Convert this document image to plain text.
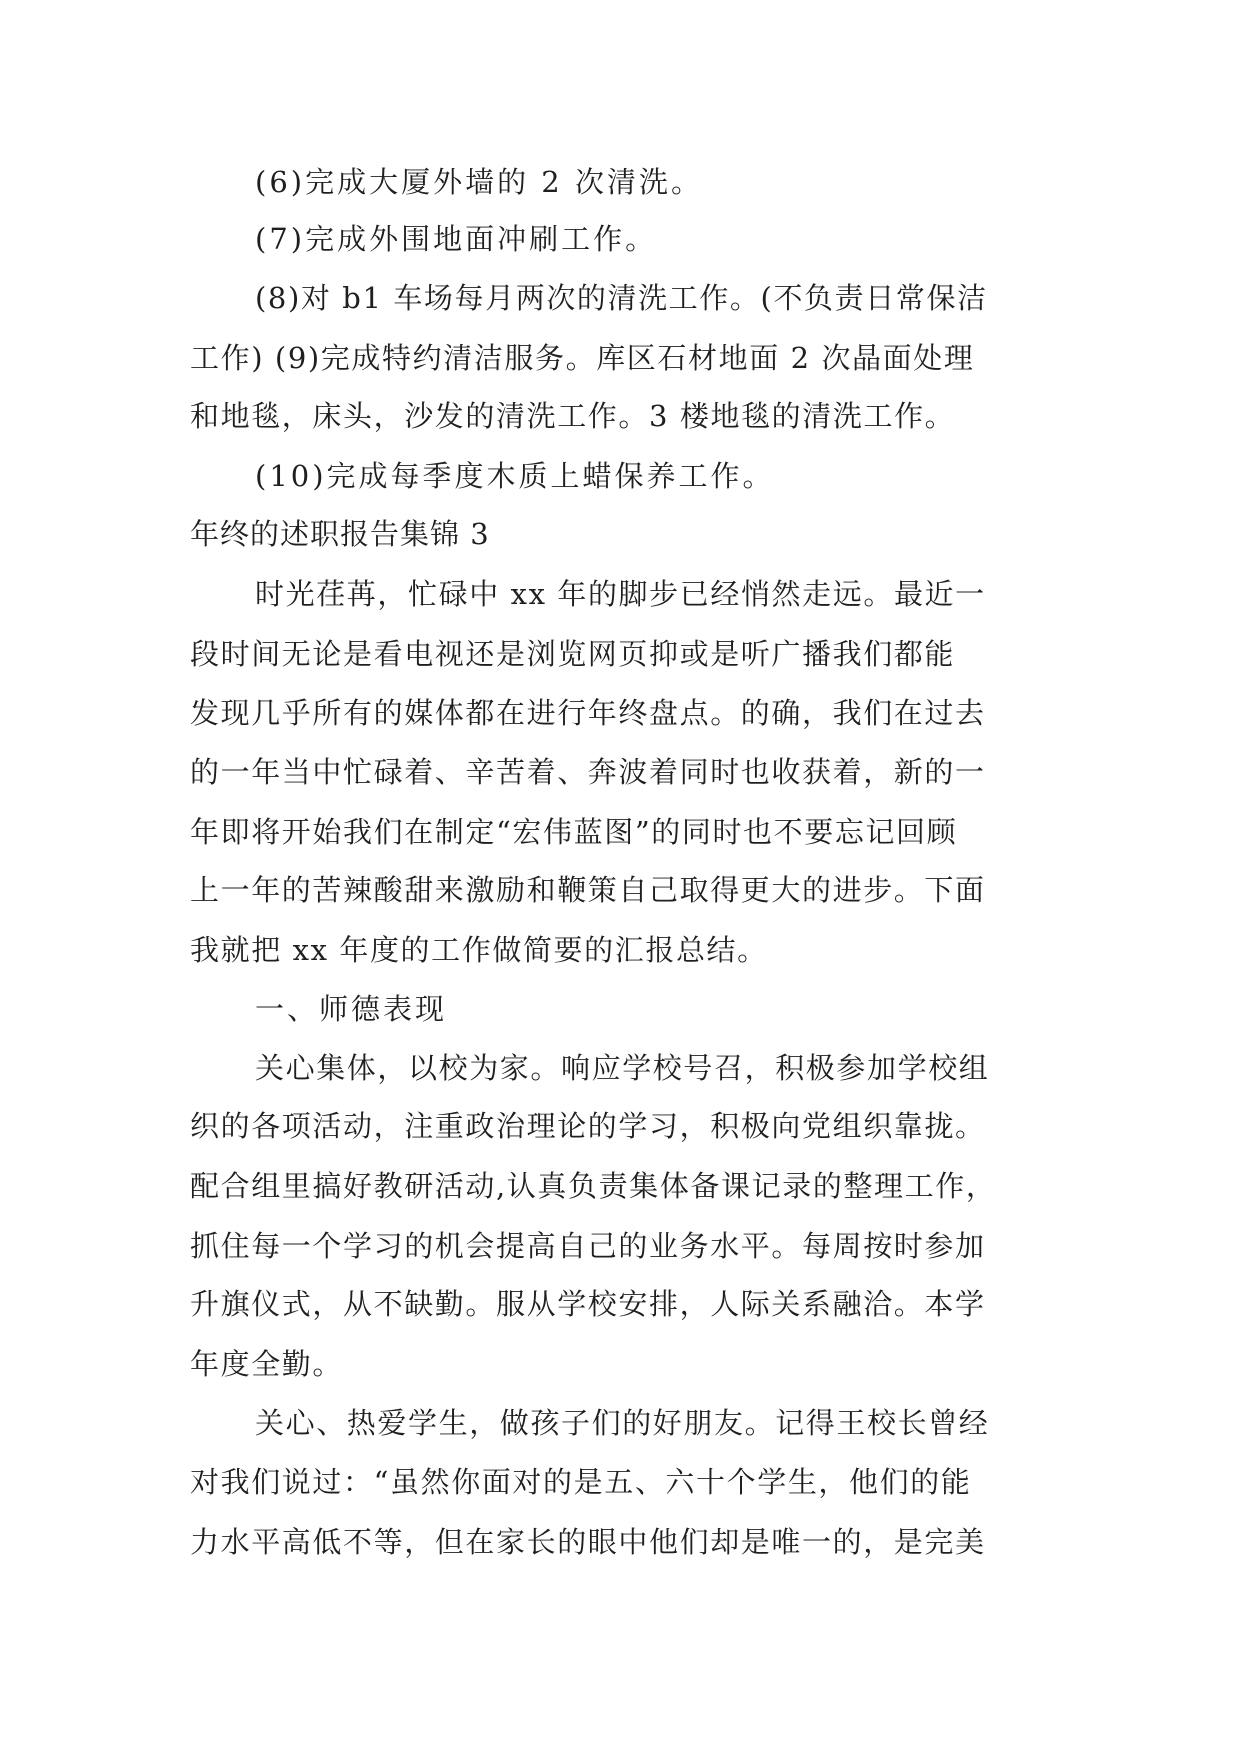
(6)完成大厦外墙的 2 次清洗。
(7)完成外围地面冲刷工作。
(8)对 b1 车场每月两次的清洗工作。(不负责日常保洁
工作) (9)完成特约清洁服务。库区石材地面 2 次晶面处理
和地毯，床头，沙发的清洗工作。3 楼地毯的清洗工作。
(10)完成每季度木质上蜡保养工作。
年终的述职报告集锦 3
时光荏苒，忙碌中 xx 年的脚步已经悄然走远。最近一
段时间无论是看电视还是浏览网页抑或是听广播我们都能
发现几乎所有的媒体都在进行年终盘点。的确，我们在过去
的一年当中忙碌着、辛苦着、奔波着同时也收获着，新的一
年即将开始我们在制定“宏伟蓝图”的同时也不要忘记回顾
上一年的苦辣酸甜来激励和鞭策自己取得更大的进步。下面
我就把 xx 年度的工作做简要的汇报总结。
一、师德表现
关心集体，以校为家。响应学校号召，积极参加学校组
织的各项活动，注重政治理论的学习，积极向党组织靠拢。
配合组里搞好教研活动,认真负责集体备课记录的整理工作，
抓住每一个学习的机会提高自己的业务水平。每周按时参加
升旗仪式，从不缺勤。服从学校安排，人际关系融洽。本学
年度全勤。
关心、热爱学生，做孩子们的好朋友。记得王校长曾经
对我们说过：“虽然你面对的是五、六十个学生，他们的能
力水平高低不等，但在家长的眼中他们却是唯一的，是完美
